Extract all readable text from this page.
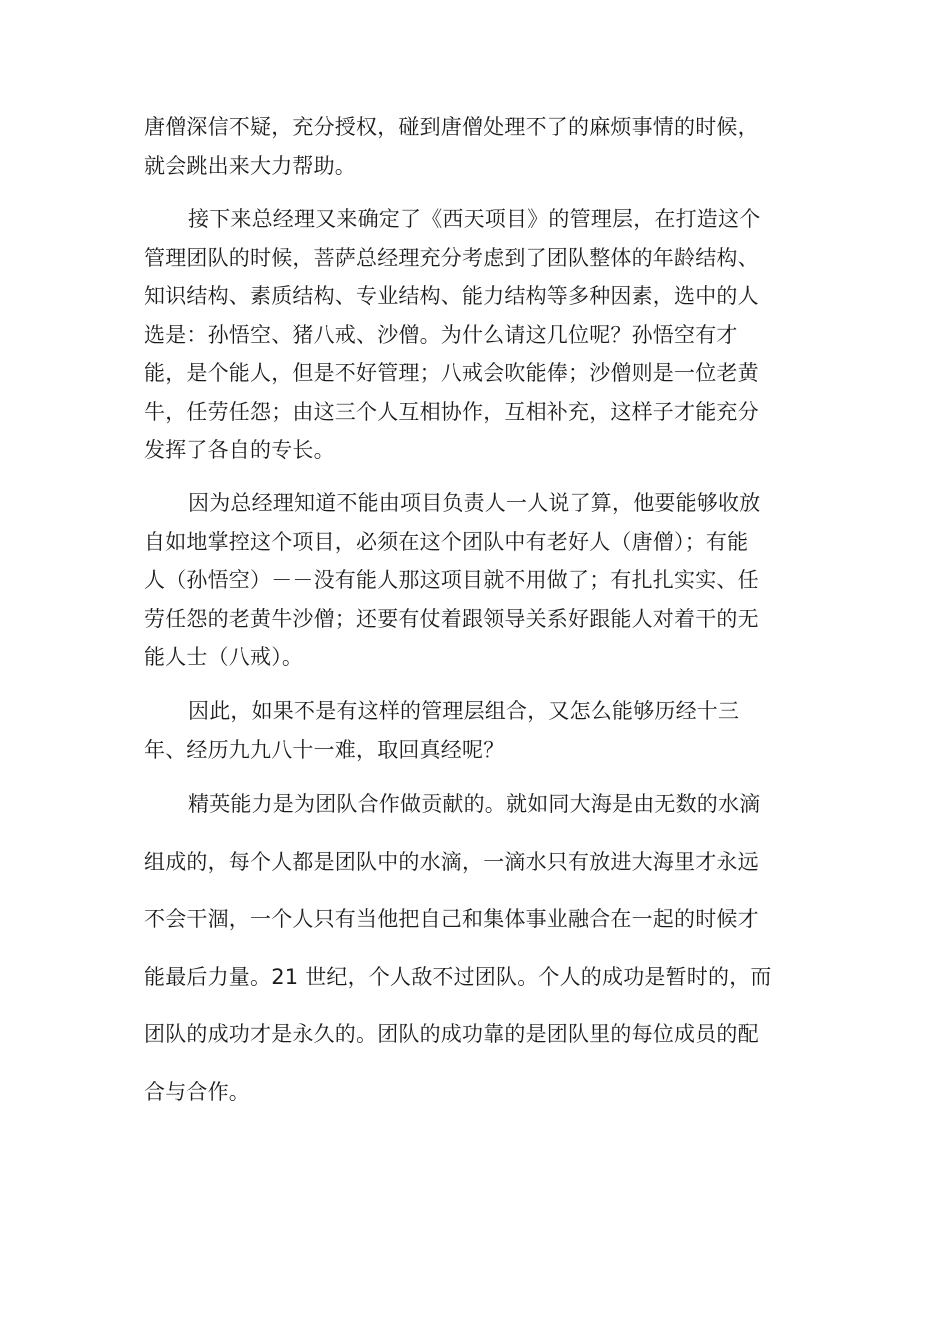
唐僧深信不疑，充分授权，碰到唐僧处理不了的麻烦事情的时候，
就会跳出来大力帮助。
接下来总经理又来确定了《西天项目》的管理层，在打造这个
管理团队的时候，菩萨总经理充分考虑到了团队整体的年龄结构、
知识结构、素质结构、专业结构、能力结构等多种因素，选中的人
选是：孙悟空、猪八戒、沙僧。为什么请这几位呢？孙悟空有才
能，是个能人，但是不好管理；八戒会吹能俸；沙僧则是一位老黄
牛，任劳任怨；由这三个人互相协作，互相补充，这样子才能充分
发挥了各自的专长。
因为总经理知道不能由项目负责人一人说了算，他要能够收放
自如地掌控这个项目，必须在这个团队中有老好人（唐僧）；有能
人（孙悟空）－－没有能人那这项目就不用做了；有扎扎实实、任
劳任怨的老黄牛沙僧；还要有仗着跟领导关系好跟能人对着干的无
能人士（八戒）。
因此，如果不是有这样的管理层组合，又怎么能够历经十三
年、经历九九八十一难，取回真经呢？
精英能力是为团队合作做贡献的。就如同大海是由无数的水滴
组成的，每个人都是团队中的水滴，一滴水只有放进大海里才永远
不会干涸，一个人只有当他把自己和集体事业融合在一起的时候才
能最后力量。21 世纪，个人敌不过团队。个人的成功是暂时的，而
团队的成功才是永久的。团队的成功靠的是团队里的每位成员的配
合与合作。
